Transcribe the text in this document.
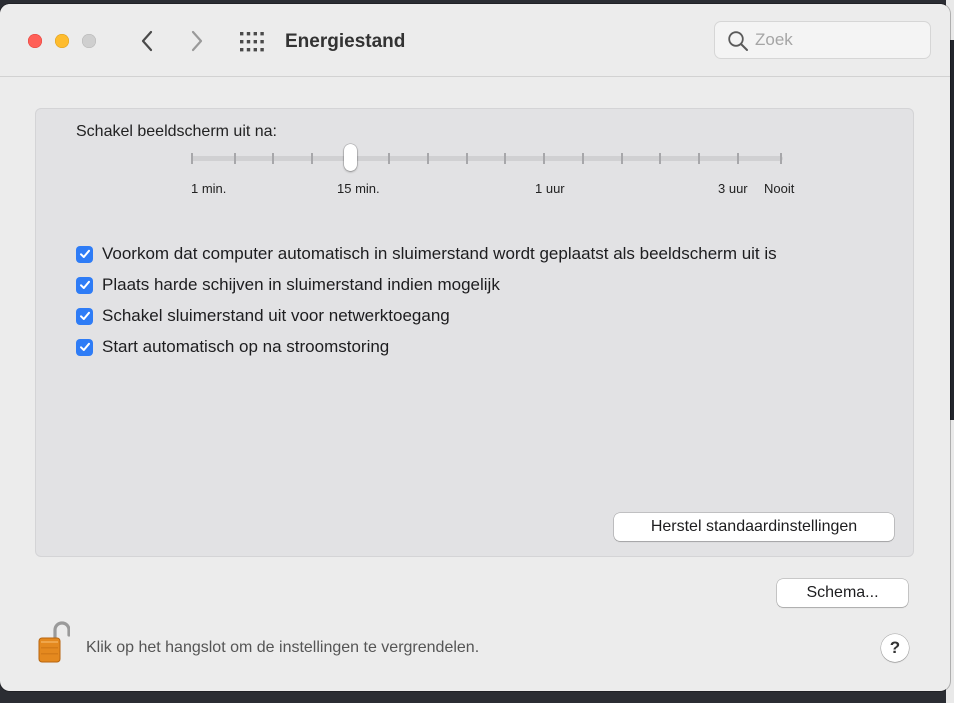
Energiestand
Zoek
Schakel beeldscherm uit na:
1 min.	15 min.	1 uur	3 uur Nooit
Voorkom dat computer automatisch in sluimerstand wordt geplaatst als beeldscherm uit is
Plaats harde schijven in sluimerstand indien mogelijk
Schakel sluimerstand uit voor netwerktoegang
Start automatisch op na stroomstoring
Herstel standaardinstellingen
Schema...
Klik op het hangslot om de instellingen te vergrendelen.	?
